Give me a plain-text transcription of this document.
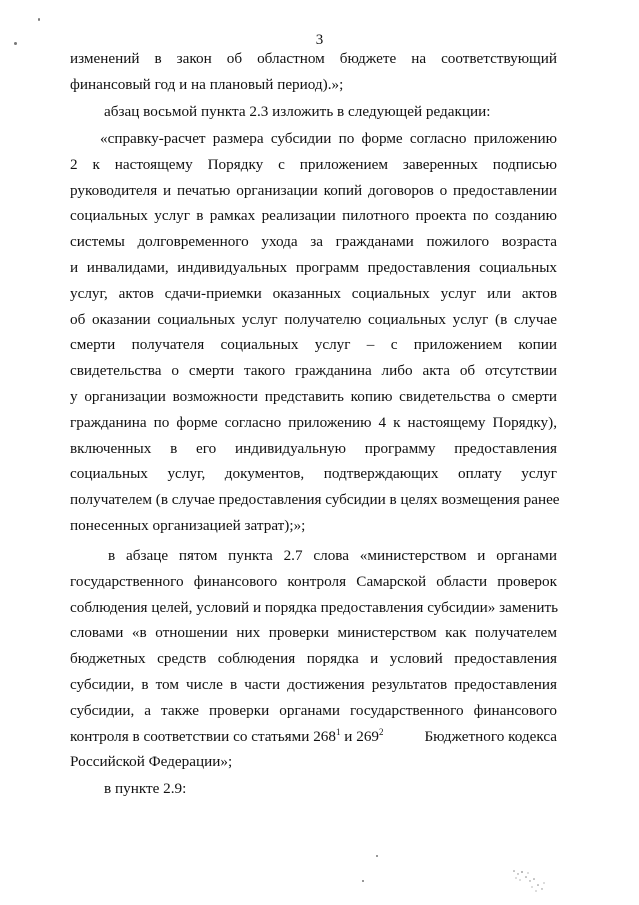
3
изменений в закон об областном бюджете на соответствующий
финансовый год и на плановый период).»;
абзац восьмой пункта 2.3 изложить в следующей редакции:
«справку-расчет размера субсидии по форме согласно приложению
2 к настоящему Порядку с приложением заверенных подписью
руководителя и печатью организации копий договоров о предоставлении
социальных услуг в рамках реализации пилотного проекта по созданию
системы долговременного ухода за гражданами пожилого возраста
и инвалидами, индивидуальных программ предоставления социальных
услуг, актов сдачи-приемки оказанных социальных услуг или актов
об оказании социальных услуг получателю социальных услуг (в случае
смерти получателя социальных услуг – с приложением копии
свидетельства о смерти такого гражданина либо акта об отсутствии
у организации возможности представить копию свидетельства о смерти
гражданина по форме согласно приложению 4 к настоящему Порядку),
включенных в его индивидуальную программу предоставления
социальных услуг, документов, подтверждающих оплату услуг
получателем (в случае предоставления субсидии в целях возмещения ранее
понесенных организацией затрат);»;
в абзаце пятом пункта 2.7 слова «министерством и органами
государственного финансового контроля Самарской области проверок
соблюдения целей, условий и порядка предоставления субсидии» заменить
словами «в отношении них проверки министерством как получателем
бюджетных средств соблюдения порядка и условий предоставления
субсидии, в том числе в части достижения результатов предоставления
субсидии, а также проверки органами государственного финансового
контроля в соответствии со статьями $268^1$ и $269^2$	Бюджетного кодекса
Российской Федерации»;
в пункте 2.9:
